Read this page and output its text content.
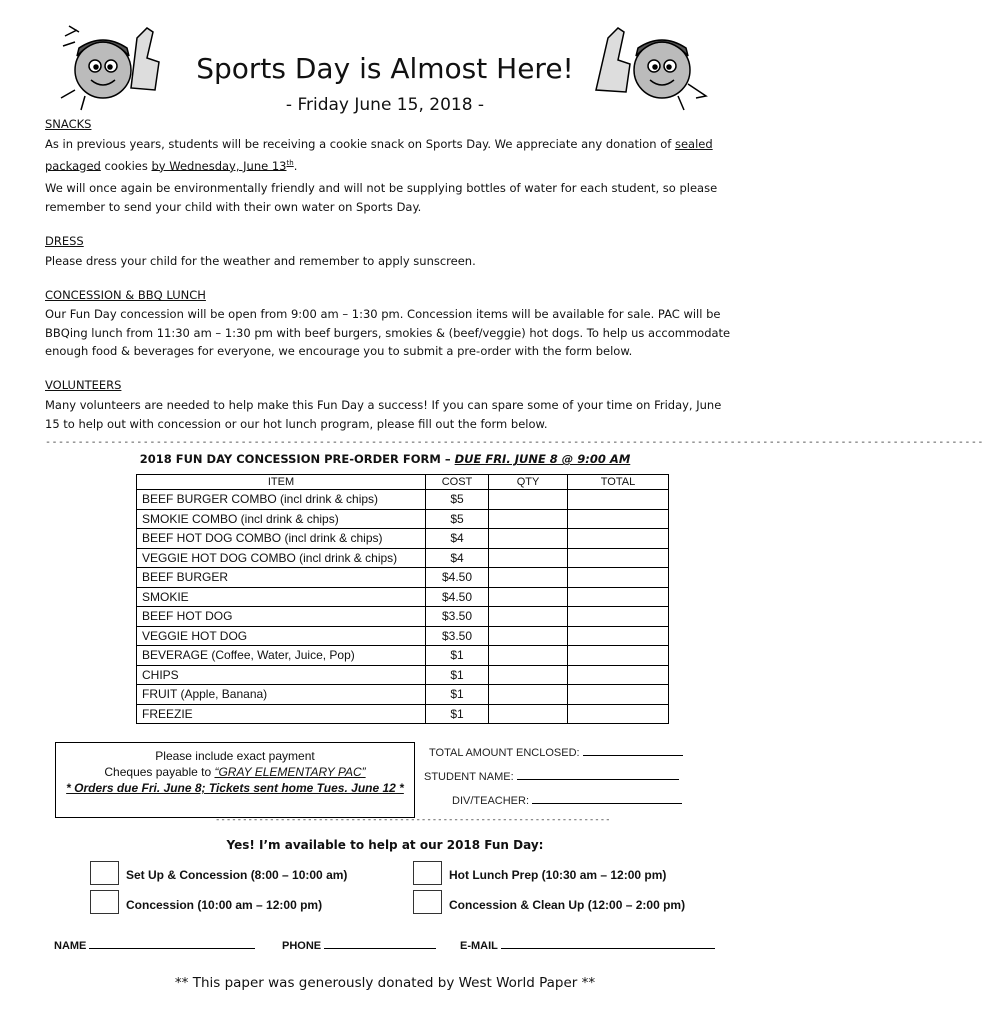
Sports Day is Almost Here!
- Friday June 15, 2018 -
SNACKS
As in previous years, students will be receiving a cookie snack on Sports Day. We appreciate any donation of sealed packaged cookies by Wednesday, June 13th.
We will once again be environmentally friendly and will not be supplying bottles of water for each student, so please remember to send your child with their own water on Sports Day.
DRESS
Please dress your child for the weather and remember to apply sunscreen.
CONCESSION & BBQ LUNCH
Our Fun Day concession will be open from 9:00 am – 1:30 pm. Concession items will be available for sale. PAC will be BBQing lunch from 11:30 am – 1:30 pm with beef burgers, smokies & (beef/veggie) hot dogs. To help us accommodate enough food & beverages for everyone, we encourage you to submit a pre-order with the form below.
VOLUNTEERS
Many volunteers are needed to help make this Fun Day a success! If you can spare some of your time on Friday, June 15 to help out with concession or our hot lunch program, please fill out the form below.
------------------------------------------------------------------------------------------------------------------------------------------------
2018 FUN DAY CONCESSION PRE-ORDER FORM – DUE FRI. JUNE 8 @ 9:00 AM
ITEM	COST	QTY	TOTAL
BEEF BURGER COMBO (incl drink & chips)	$5		
SMOKIE COMBO (incl drink & chips)	$5		
BEEF HOT DOG COMBO (incl drink & chips)	$4		
VEGGIE HOT DOG COMBO (incl drink & chips)	$4		
BEEF BURGER	$4.50		
SMOKIE	$4.50		
BEEF HOT DOG	$3.50		
VEGGIE HOT DOG	$3.50		
BEVERAGE (Coffee, Water, Juice, Pop)	$1		
CHIPS	$1		
FRUIT (Apple, Banana)	$1		
FREEZIE	$1		
Please include exact payment
Cheques payable to “GRAY ELEMENTARY PAC”
* Orders due Fri. June 8; Tickets sent home Tues. June 12 *
TOTAL AMOUNT ENCLOSED:
STUDENT NAME:
DIV/TEACHER:
-------------------------------------------------------------------------
Yes! I’m available to help at our 2018 Fun Day:
Set Up & Concession (8:00 – 10:00 am)
Concession (10:00 am – 12:00 pm)
Hot Lunch Prep (10:30 am – 12:00 pm)
Concession & Clean Up (12:00 – 2:00 pm)
NAME	PHONE	E-MAIL
** This paper was generously donated by West World Paper **
